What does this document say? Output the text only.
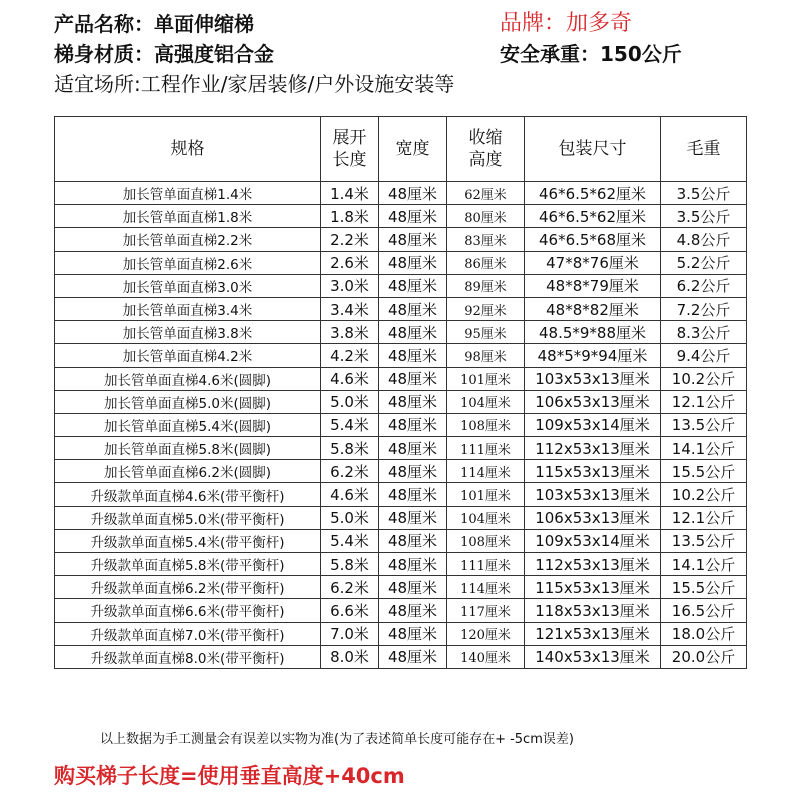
产品名称：单面伸缩梯	品牌：加多奇
梯身材质：高强度铝合金	安全承重：150公斤
适宜场所:工程作业/家居装修/户外设施安装等
规格	展开长度	宽度	收缩高度	包装尺寸	毛重
加长管单面直梯1.4米	1.4米	48厘米	62厘米	46*6.5*62厘米	3.5公斤
加长管单面直梯1.8米	1.8米	48厘米	80厘米	46*6.5*62厘米	3.5公斤
加长管单面直梯2.2米	2.2米	48厘米	83厘米	46*6.5*68厘米	4.8公斤
加长管单面直梯2.6米	2.6米	48厘米	86厘米	47*8*76厘米	5.2公斤
加长管单面直梯3.0米	3.0米	48厘米	89厘米	48*8*79厘米	6.2公斤
加长管单面直梯3.4米	3.4米	48厘米	92厘米	48*8*82厘米	7.2公斤
加长管单面直梯3.8米	3.8米	48厘米	95厘米	48.5*9*88厘米	8.3公斤
加长管单面直梯4.2米	4.2米	48厘米	98厘米	48*5*9*94厘米	9.4公斤
加长管单面直梯4.6米(圆脚)	4.6米	48厘米	101厘米	103x53x13厘米	10.2公斤
加长管单面直梯5.0米(圆脚)	5.0米	48厘米	104厘米	106x53x13厘米	12.1公斤
加长管单面直梯5.4米(圆脚)	5.4米	48厘米	108厘米	109x53x14厘米	13.5公斤
加长管单面直梯5.8米(圆脚)	5.8米	48厘米	111厘米	112x53x13厘米	14.1公斤
加长管单面直梯6.2米(圆脚)	6.2米	48厘米	114厘米	115x53x13厘米	15.5公斤
升级款单面直梯4.6米(带平衡杆)	4.6米	48厘米	101厘米	103x53x13厘米	10.2公斤
升级款单面直梯5.0米(带平衡杆)	5.0米	48厘米	104厘米	106x53x13厘米	12.1公斤
升级款单面直梯5.4米(带平衡杆)	5.4米	48厘米	108厘米	109x53x14厘米	13.5公斤
升级款单面直梯5.8米(带平衡杆)	5.8米	48厘米	111厘米	112x53x13厘米	14.1公斤
升级款单面直梯6.2米(带平衡杆)	6.2米	48厘米	114厘米	115x53x13厘米	15.5公斤
升级款单面直梯6.6米(带平衡杆)	6.6米	48厘米	117厘米	118x53x13厘米	16.5公斤
升级款单面直梯7.0米(带平衡杆)	7.0米	48厘米	120厘米	121x53x13厘米	18.0公斤
升级款单面直梯8.0米(带平衡杆)	8.0米	48厘米	140厘米	140x53x13厘米	20.0公斤
以上数据为手工测量会有误差以实物为准(为了表述简单长度可能存在+ -5cm误差)
购买梯子长度=使用垂直高度+40cm
